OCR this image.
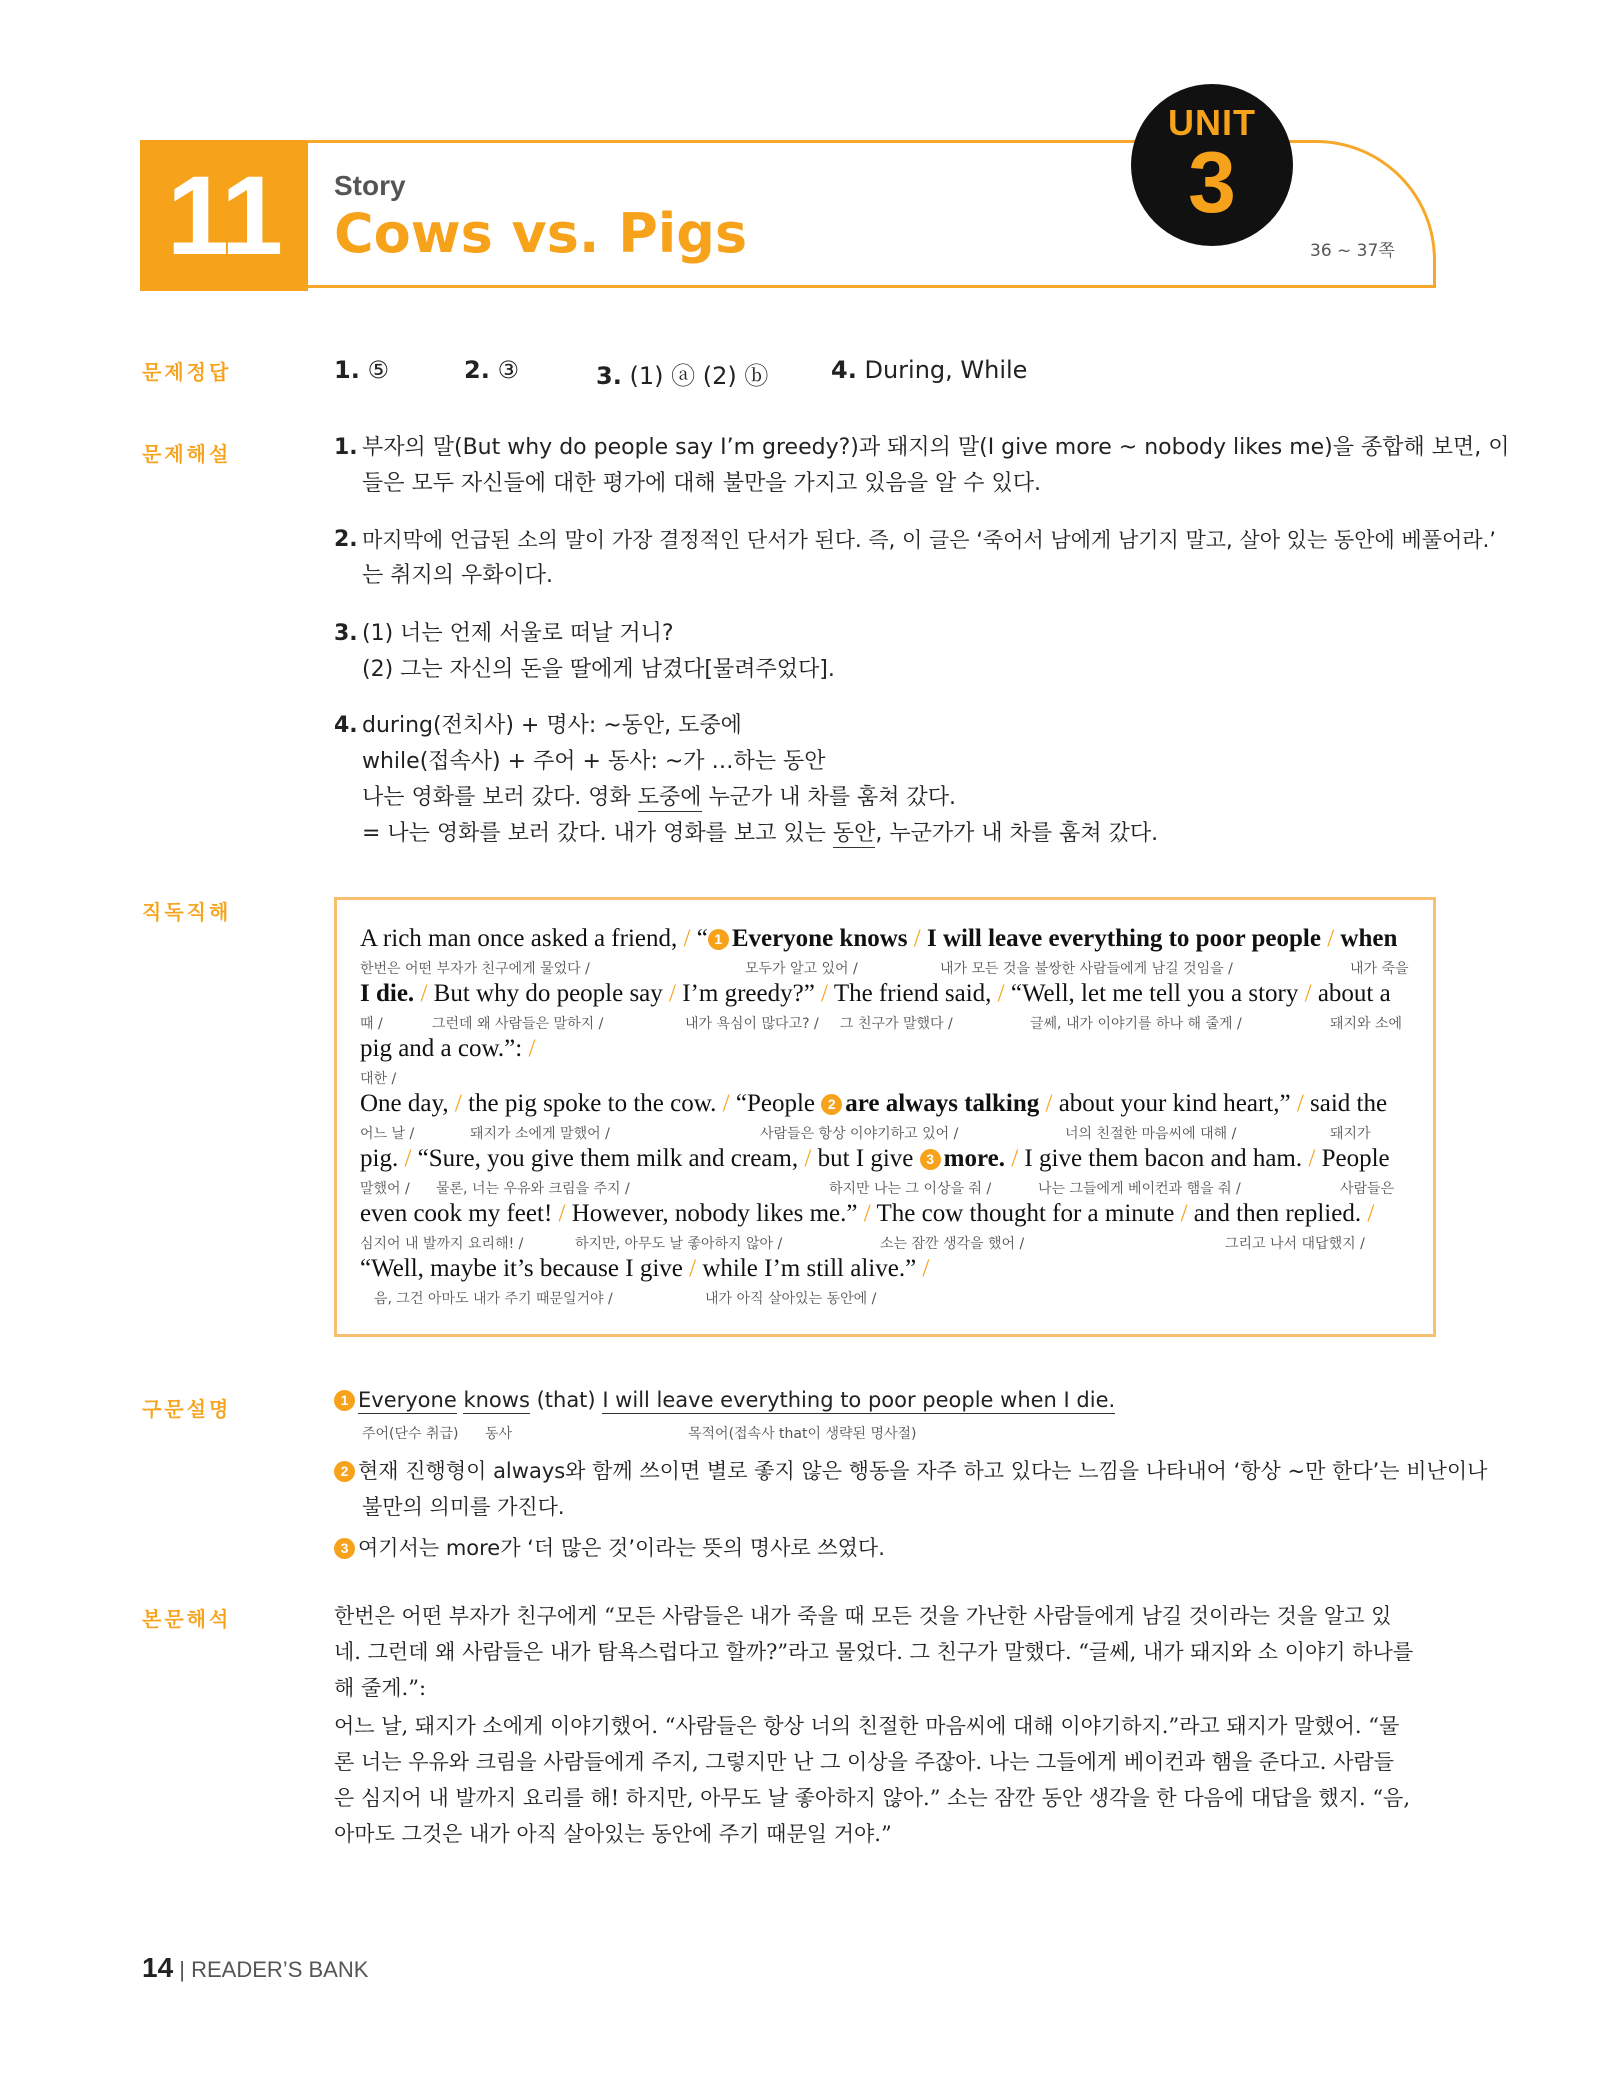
11	Story
Cows vs. Pigs
UNIT
3
36 ~ 37쪽
문제정답	1. ⑤	2. ③	3. (1) ⓐ (2) ⓑ	4. During, While
문제해설	1. 부자의 말(But why do people say I’m greedy?)과 돼지의 말(I give more ~ nobody likes me)을 종합해 보면, 이
들은 모두 자신들에 대한 평가에 대해 불만을 가지고 있음을 알 수 있다.
2. 마지막에 언급된 소의 말이 가장 결정적인 단서가 된다. 즉, 이 글은 ‘죽어서 남에게 남기지 말고, 살아 있는 동안에 베풀어라.’
는 취지의 우화이다.
3. (1) 너는 언제 서울로 떠날 거니?
(2) 그는 자신의 돈을 딸에게 남겼다[물려주었다].
4. during(전치사) + 명사: ~동안, 도중에
while(접속사) + 주어 + 동사: ~가 …하는 동안
나는 영화를 보러 갔다. 영화 도중에 누군가 내 차를 훔쳐 갔다.
= 나는 영화를 보러 갔다. 내가 영화를 보고 있는 동안, 누군가가 내 차를 훔쳐 갔다.
직독직해
A rich man once asked a friend, / “ 1 Everyone knows / I will leave everything to poor people / when
한번은 어떤 부자가 친구에게 물었다 /	모두가 알고 있어 /	내가 모든 것을 불쌍한 사람들에게 남길 것임을 /	내가 죽을
I die. / But why do people say / I’m greedy?” / The friend said, / “Well, let me tell you a story / about a
때 /	그런데 왜 사람들은 말하지 /	내가 욕심이 많다고? / 그 친구가 말했다 /	글쎄, 내가 이야기를 하나 해 줄게 /	돼지와 소에
pig and a cow.”: /
대한 /
One day, / the pig spoke to the cow. / “People 2 are always talking / about your kind heart,” / said the
어느 날 /	돼지가 소에게 말했어 /	사람들은 항상 이야기하고 있어 /	너의 친절한 마음씨에 대해 /	돼지가
pig. / “Sure, you give them milk and cream, / but I give 3 more. / I give them bacon and ham. / People
말했어 / 물론, 너는 우유와 크림을 주지 /	하지만 나는 그 이상을 줘 /	나는 그들에게 베이컨과 햄을 줘 /	사람들은
even cook my feet! / However, nobody likes me.” / The cow thought for a minute / and then replied. /
심지어 내 발까지 요리해! /	하지만, 아무도 날 좋아하지 않아 /	소는 잠깐 생각을 했어 /	그리고 나서 대답했지 /
“Well, maybe it’s because I give / while I’m still alive.” /
음, 그건 아마도 내가 주기 때문일거야 /	내가 아직 살아있는 동안에 /
구문설명	1 Everyone knows (that) I will leave everything to poor people when I die.
주어(단수 취급) 동사	목적어(접속사 that이 생략된 명사절)
2 현재 진행형이 always와 함께 쓰이면 별로 좋지 않은 행동을 자주 하고 있다는 느낌을 나타내어 ‘항상 ~만 한다’는 비난이나
불만의 의미를 가진다.
3 여기서는 more가 ‘더 많은 것’이라는 뜻의 명사로 쓰였다.
본문해석	한번은 어떤 부자가 친구에게 “모든 사람들은 내가 죽을 때 모든 것을 가난한 사람들에게 남길 것이라는 것을 알고 있
네. 그런데 왜 사람들은 내가 탐욕스럽다고 할까?”라고 물었다. 그 친구가 말했다. “글쎄, 내가 돼지와 소 이야기 하나를
해 줄게.”:
어느 날, 돼지가 소에게 이야기했어. “사람들은 항상 너의 친절한 마음씨에 대해 이야기하지.”라고 돼지가 말했어. “물
론 너는 우유와 크림을 사람들에게 주지, 그렇지만 난 그 이상을 주잖아. 나는 그들에게 베이컨과 햄을 준다고. 사람들
은 심지어 내 발까지 요리를 해! 하지만, 아무도 날 좋아하지 않아.” 소는 잠깐 동안 생각을 한 다음에 대답을 했지. “음,
아마도 그것은 내가 아직 살아있는 동안에 주기 때문일 거야.”
14 | READER’S BANK
